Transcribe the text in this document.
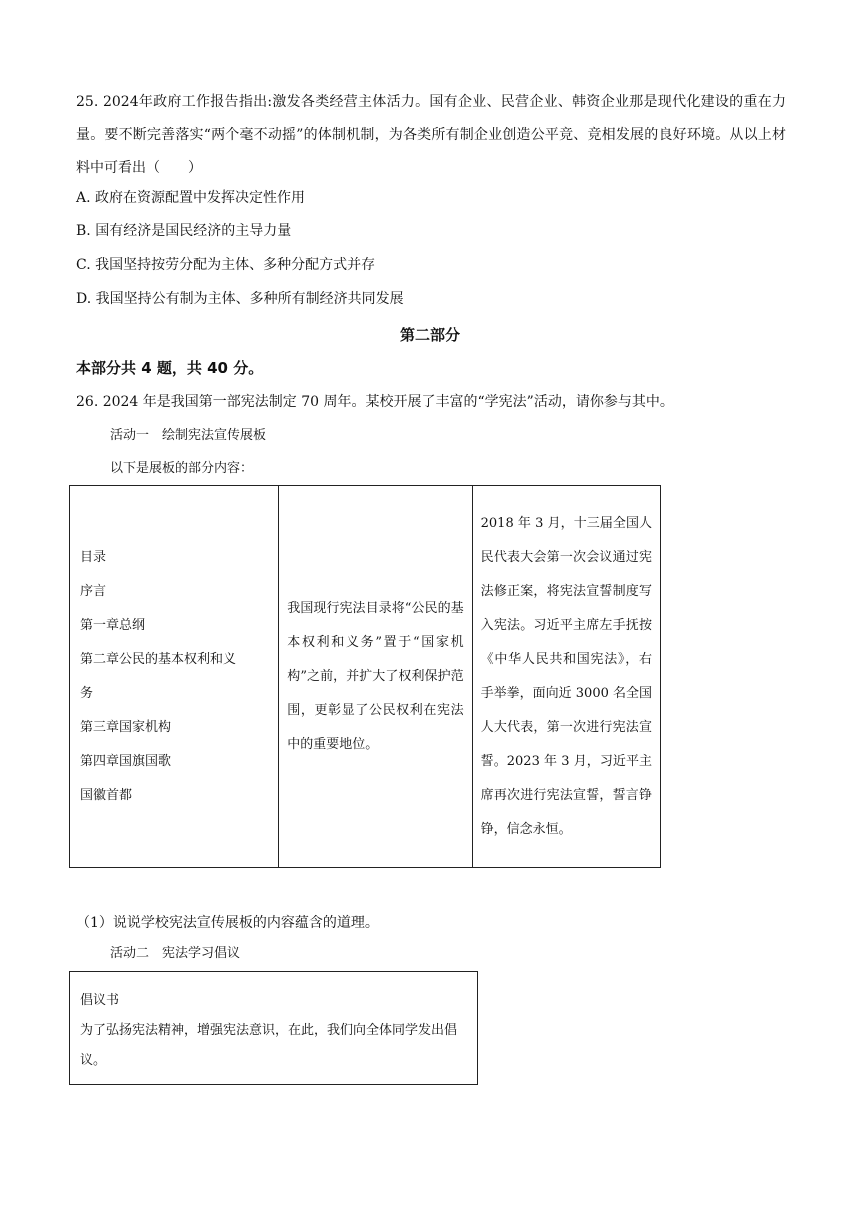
25. 2024年政府工作报告指出:激发各类经营主体活力。国有企业、民营企业、韩资企业那是现代化建设的重在力量。要不断完善落实“两个毫不动摇”的体制机制，为各类所有制企业创造公平竞、竞相发展的良好环境。从以上材料中可看出（　　）
A. 政府在资源配置中发挥决定性作用
B. 国有经济是国民经济的主导力量
C. 我国坚持按劳分配为主体、多种分配方式并存
D. 我国坚持公有制为主体、多种所有制经济共同发展
第二部分
本部分共 4 题，共 40 分。
26. 2024 年是我国第一部宪法制定 70 周年。某校开展了丰富的“学宪法”活动，请你参与其中。
活动一　绘制宪法宣传展板
以下是展板的部分内容：
目录
序言
第一章总纲
第二章公民的基本权利和义
务
第三章国家机构
第四章国旗国歌
国徽首都
我国现行宪法目录将“公民的基本权利和义务”置于“国家机构”之前，并扩大了权利保护范围，更彰显了公民权利在宪法中的重要地位。
2018 年 3 月，十三届全国人民代表大会第一次会议通过宪法修正案，将宪法宣誓制度写入宪法。习近平主席左手抚按《中华人民共和国宪法》，右手举拳，面向近 3000 名全国人大代表，第一次进行宪法宣誓。2023 年 3 月，习近平主席再次进行宪法宣誓，誓言铮铮，信念永恒。
（1）说说学校宪法宣传展板的内容蕴含的道理。
活动二　宪法学习倡议
倡议书
为了弘扬宪法精神，增强宪法意识，在此，我们向全体同学发出倡议。
